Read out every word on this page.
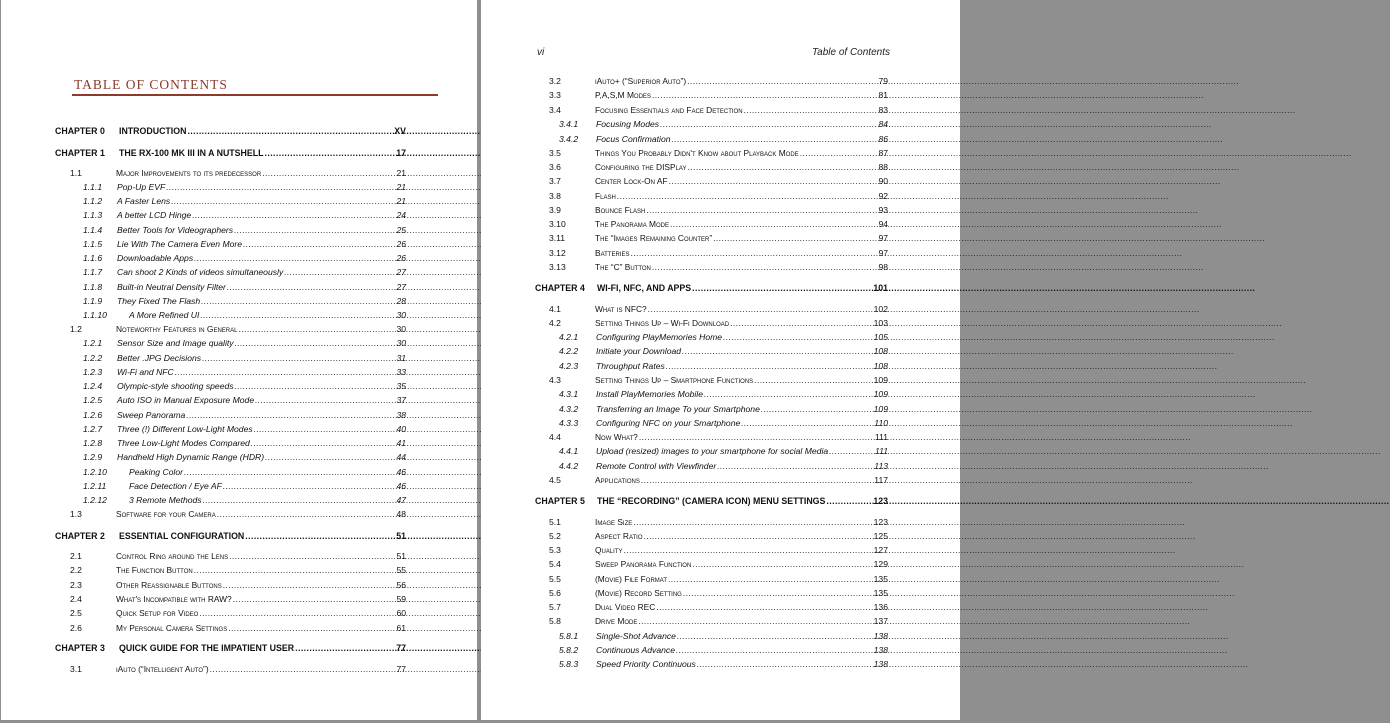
TABLE OF CONTENTS
CHAPTER 0	INTRODUCTION .....	XV
CHAPTER 1	THE RX-100 MK III IN A NUTSHELL .....	17
1.1	Major Improvements to its predecessor .....	21
1.1.1	Pop-Up EVF .....	21
1.1.2	A Faster Lens .....	21
1.1.3	A better LCD Hinge .....	24
1.1.4	Better Tools for Videographers .....	25
1.1.5	Lie With The Camera Even More .....	26
1.1.6	Downloadable Apps .....	26
1.1.7	Can shoot 2 Kinds of videos simultaneously .....	27
1.1.8	Built-in Neutral Density Filter .....	27
1.1.9	They Fixed The Flash .....	28
1.1.10	A More Refined UI .....	30
1.2	Noteworthy Features in General .....	30
1.2.1	Sensor Size and Image quality .....	30
1.2.2	Better .JPG Decisions .....	31
1.2.3	Wi-Fi and NFC .....	33
1.2.4	Olympic-style shooting speeds .....	35
1.2.5	Auto ISO in Manual Exposure Mode .....	37
1.2.6	Sweep Panorama .....	38
1.2.7	Three (!) Different Low-Light Modes .....	40
1.2.8	Three Low-Light Modes Compared .....	41
1.2.9	Handheld High Dynamic Range (HDR) .....	44
1.2.10	Peaking Color .....	46
1.2.11	Face Detection / Eye AF .....	46
1.2.12	3 Remote Methods .....	47
1.3	Software for your Camera .....	48
CHAPTER 2	ESSENTIAL CONFIGURATION .....	51
2.1	Control Ring around the Lens .....	51
2.2	The Function Button .....	55
2.3	Other Reassignable Buttons .....	56
2.4	What's Incompatible with RAW? .....	59
2.5	Quick Setup for Video .....	60
2.6	My Personal Camera Settings .....	61
CHAPTER 3	QUICK GUIDE FOR THE IMPATIENT USER .....	77
3.1	iAuto (“Intelligent Auto”) .....	77
vi	Table of Contents
3.2	iAuto+ (“Superior Auto”) .....	79
3.3	P,A,S,M Modes .....	81
3.4	Focusing Essentials and Face Detection .....	83
3.4.1	Focusing Modes .....	84
3.4.2	Focus Confirmation .....	86
3.5	Things You Probably Didn't Know about Playback Mode .....	87
3.6	Configuring the DISPlay .....	88
3.7	Center Lock-On AF .....	90
3.8	Flash .....	92
3.9	Bounce Flash .....	93
3.10	The Panorama Mode .....	94
3.11	The “Images Remaining Counter” .....	97
3.12	Batteries .....	97
3.13	The “C” Button .....	98
CHAPTER 4	WI-FI, NFC, AND APPS .....	101
4.1	What is NFC? .....	102
4.2	Setting Things Up – Wi-Fi Download .....	103
4.2.1	Configuring PlayMemories Home .....	105
4.2.2	Initiate your Download .....	108
4.2.3	Throughput Rates .....	108
4.3	Setting Things Up – Smartphone Functions .....	109
4.3.1	Install PlayMemories Mobile .....	109
4.3.2	Transferring an Image To your Smartphone .....	109
4.3.3	Configuring NFC on your Smartphone .....	110
4.4	Now What? .....	111
4.4.1	Upload (resized) images to your smartphone for social Media .....	111
4.4.2	Remote Control with Viewfinder .....	113
4.5	Applications .....	117
CHAPTER 5	THE “RECORDING” (CAMERA ICON) MENU SETTINGS .....	123
5.1	Image Size .....	123
5.2	Aspect Ratio .....	125
5.3	Quality .....	127
5.4	Sweep Panorama Function .....	129
5.5	(Movie) File Format .....	135
5.6	(Movie) Record Setting .....	135
5.7	Dual Video REC .....	136
5.8	Drive Mode .....	137
5.8.1	Single-Shot Advance .....	138
5.8.2	Continuous Advance .....	138
5.8.3	Speed Priority Continuous .....	138
